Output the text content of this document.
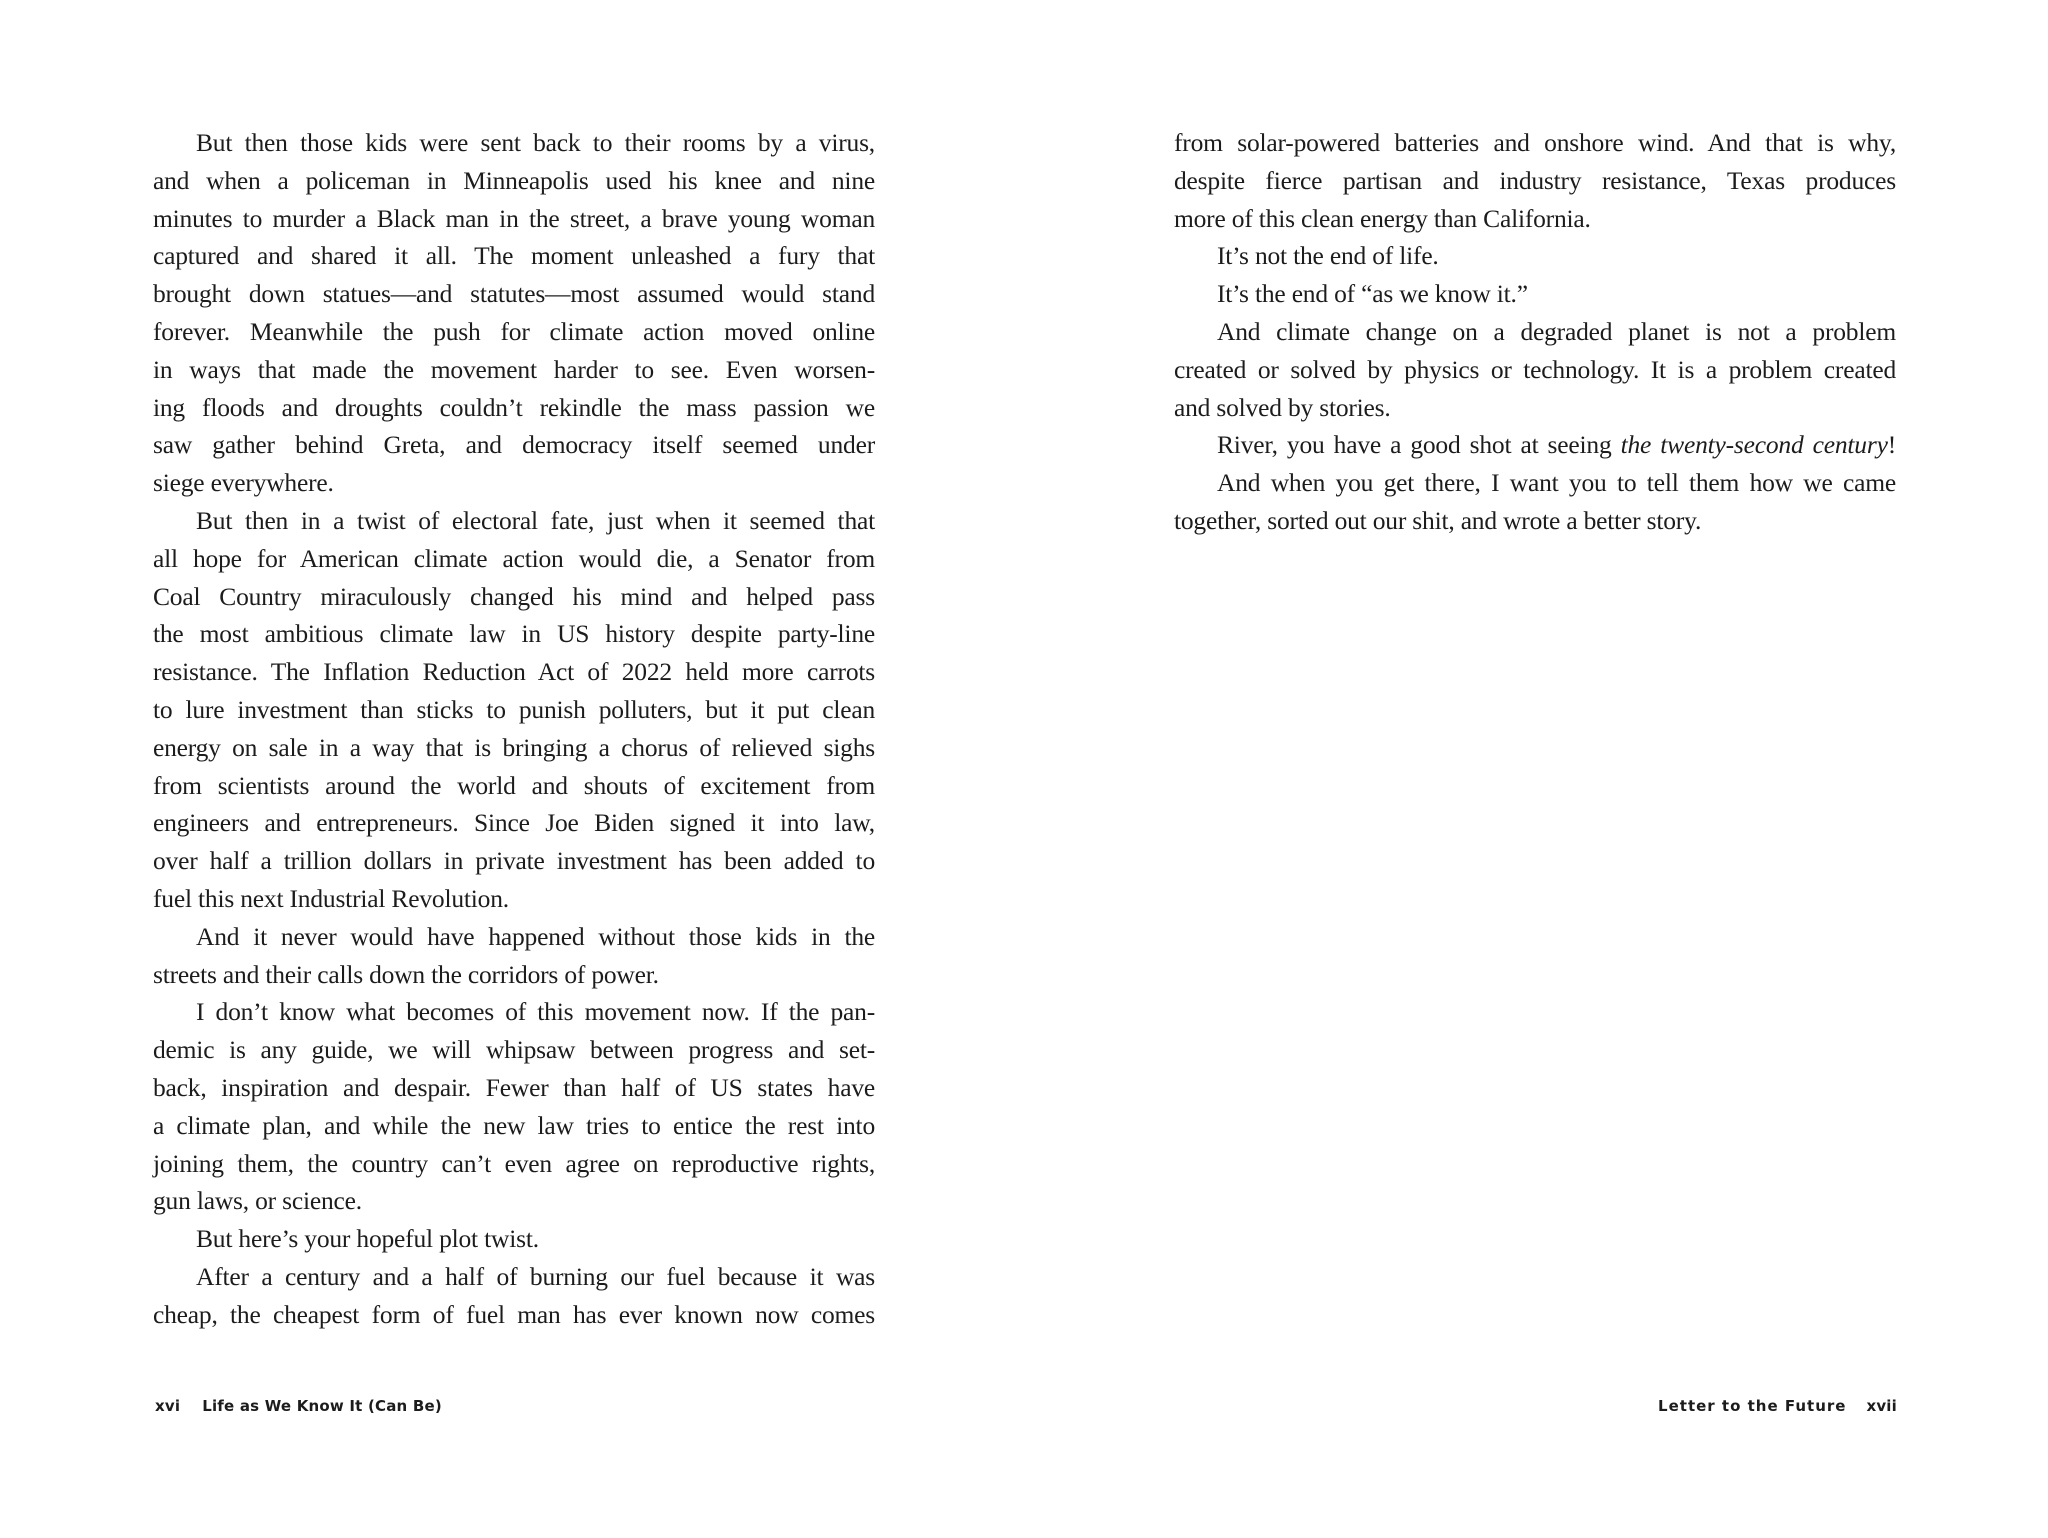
But then those kids were sent back to their rooms by a virus,
and when a policeman in Minneapolis used his knee and nine
minutes to murder a Black man in the street, a brave young woman
captured and shared it all. The moment unleashed a fury that
brought down statues—and statutes—most assumed would stand
forever. Meanwhile the push for climate action moved online
in ways that made the movement harder to see. Even worsen-
ing floods and droughts couldn’t rekindle the mass passion we
saw gather behind Greta, and democracy itself seemed under
siege everywhere.
But then in a twist of electoral fate, just when it seemed that
all hope for American climate action would die, a Senator from
Coal Country miraculously changed his mind and helped pass
the most ambitious climate law in US history despite party-line
resistance. The Inflation Reduction Act of 2022 held more carrots
to lure investment than sticks to punish polluters, but it put clean
energy on sale in a way that is bringing a chorus of relieved sighs
from scientists around the world and shouts of excitement from
engineers and entrepreneurs. Since Joe Biden signed it into law,
over half a trillion dollars in private investment has been added to
fuel this next Industrial Revolution.
And it never would have happened without those kids in the
streets and their calls down the corridors of power.
I don’t know what becomes of this movement now. If the pan-
demic is any guide, we will whipsaw between progress and set-
back, inspiration and despair. Fewer than half of US states have
a climate plan, and while the new law tries to entice the rest into
joining them, the country can’t even agree on reproductive rights,
gun laws, or science.
But here’s your hopeful plot twist.
After a century and a half of burning our fuel because it was
cheap, the cheapest form of fuel man has ever known now comes
xvi Life as We Know It (Can Be)
from solar-powered batteries and onshore wind. And that is why,
despite fierce partisan and industry resistance, Texas produces
more of this clean energy than California.
It’s not the end of life.
It’s the end of “as we know it.”
And climate change on a degraded planet is not a problem
created or solved by physics or technology. It is a problem created
and solved by stories.
River, you have a good shot at seeing the twenty-second century!
And when you get there, I want you to tell them how we came
together, sorted out our shit, and wrote a better story.
Letter to the Future xvii
